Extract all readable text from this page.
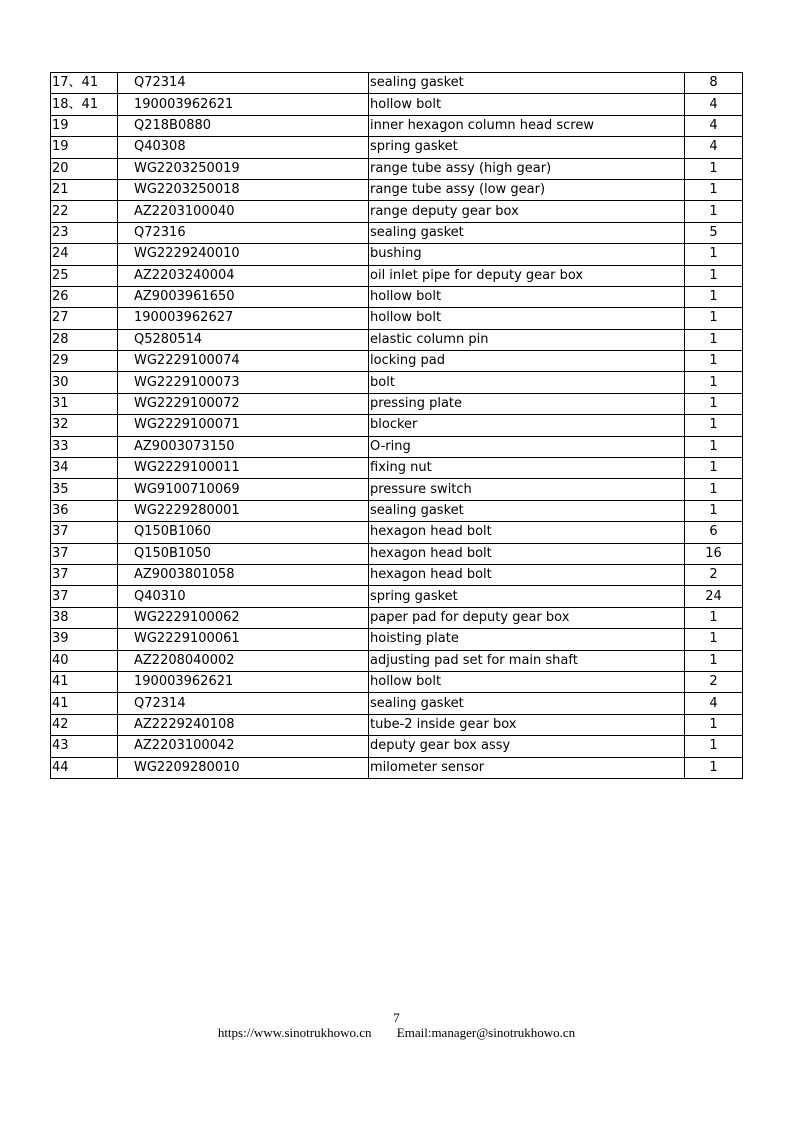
17、41	Q72314	sealing gasket	8
18、41	190003962621	hollow bolt	4
19	Q218B0880	inner hexagon column head screw	4
19	Q40308	spring gasket	4
20	WG2203250019	range tube assy (high gear)	1
21	WG2203250018	range tube assy (low gear)	1
22	AZ2203100040	range deputy gear box	1
23	Q72316	sealing gasket	5
24	WG2229240010	bushing	1
25	AZ2203240004	oil inlet pipe for deputy gear box	1
26	AZ9003961650	hollow bolt	1
27	190003962627	hollow bolt	1
28	Q5280514	elastic column pin	1
29	WG2229100074	locking pad	1
30	WG2229100073	bolt	1
31	WG2229100072	pressing plate	1
32	WG2229100071	blocker	1
33	AZ9003073150	O-ring	1
34	WG2229100011	fixing nut	1
35	WG9100710069	pressure switch	1
36	WG2229280001	sealing gasket	1
37	Q150B1060	hexagon head bolt	6
37	Q150B1050	hexagon head bolt	16
37	AZ9003801058	hexagon head bolt	2
37	Q40310	spring gasket	24
38	WG2229100062	paper pad for deputy gear box	1
39	WG2229100061	hoisting plate	1
40	AZ2208040002	adjusting pad set for main shaft	1
41	190003962621	hollow bolt	2
41	Q72314	sealing gasket	4
42	AZ2229240108	tube-2 inside gear box	1
43	AZ2203100042	deputy gear box assy	1
44	WG2209280010	milometer sensor	1
7
https://www.sinotrukhowo.cn Email:manager@sinotrukhowo.cn
